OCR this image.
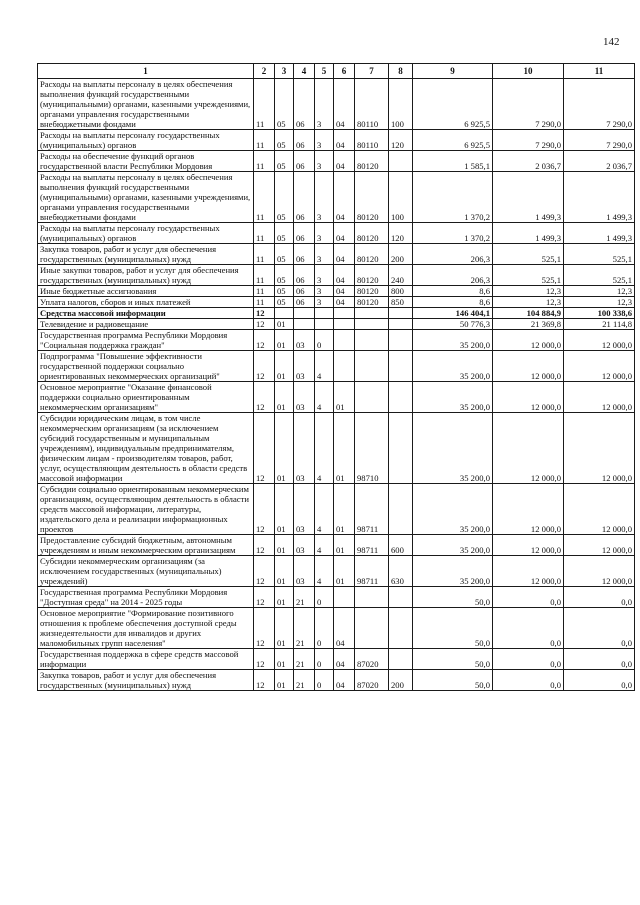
142
1	2	3	4	5	6	7	8	9	10	11
Расходы на выплаты персоналу в целях обеспечения выполнения функций государственными (муниципальными) органами, казенными учреждениями, органами управления государственными внебюджетными фондами	11	05	06	3	04	80110	100	6 925,5	7 290,0	7 290,0
Расходы на выплаты персоналу государственных (муниципальных) органов	11	05	06	3	04	80110	120	6 925,5	7 290,0	7 290,0
Расходы на обеспечение функций органов государственной власти Республики Мордовия	11	05	06	3	04	80120		1 585,1	2 036,7	2 036,7
Расходы на выплаты персоналу в целях обеспечения выполнения функций государственными (муниципальными) органами, казенными учреждениями, органами управления государственными внебюджетными фондами	11	05	06	3	04	80120	100	1 370,2	1 499,3	1 499,3
Расходы на выплаты персоналу государственных (муниципальных) органов	11	05	06	3	04	80120	120	1 370,2	1 499,3	1 499,3
Закупка товаров, работ и услуг для обеспечения государственных (муниципальных) нужд	11	05	06	3	04	80120	200	206,3	525,1	525,1
Иные закупки товаров, работ и услуг для обеспечения государственных (муниципальных) нужд	11	05	06	3	04	80120	240	206,3	525,1	525,1
Иные бюджетные ассигнования	11	05	06	3	04	80120	800	8,6	12,3	12,3
Уплата налогов, сборов и иных платежей	11	05	06	3	04	80120	850	8,6	12,3	12,3
Средства массовой информации	12							146 404,1	104 884,9	100 338,6
Телевидение и радиовещание	12	01						50 776,3	21 369,8	21 114,8
Государственная программа Республики Мордовия "Социальная поддержка граждан"	12	01	03	0				35 200,0	12 000,0	12 000,0
Подпрограмма "Повышение эффективности государственной поддержки социально ориентированных некоммерческих организаций"	12	01	03	4				35 200,0	12 000,0	12 000,0
Основное мероприятие "Оказание финансовой поддержки социально ориентированным некоммерческим организациям"	12	01	03	4	01			35 200,0	12 000,0	12 000,0
Субсидии юридическим лицам, в том числе некоммерческим организациям (за исключением субсидий государственным и муниципальным учреждениям), индивидуальным предпринимателям, физическим лицам - производителям товаров, работ, услуг, осуществляющим деятельность в области средств массовой информации	12	01	03	4	01	98710		35 200,0	12 000,0	12 000,0
Субсидии социально ориентированным некоммерческим организациям, осуществляющим деятельность в области средств массовой информации, литературы, издательского дела и реализации информационных проектов	12	01	03	4	01	98711		35 200,0	12 000,0	12 000,0
Предоставление субсидий бюджетным, автономным учреждениям и иным некоммерческим организациям	12	01	03	4	01	98711	600	35 200,0	12 000,0	12 000,0
Субсидии некоммерческим организациям (за исключением государственных (муниципальных) учреждений)	12	01	03	4	01	98711	630	35 200,0	12 000,0	12 000,0
Государственная программа Республики Мордовия "Доступная среда" на 2014 - 2025 годы	12	01	21	0				50,0	0,0	0,0
Основное мероприятие "Формирование позитивного отношения к проблеме обеспечения доступной среды жизнедеятельности для инвалидов и других маломобильных групп населения"	12	01	21	0	04			50,0	0,0	0,0
Государственная поддержка в сфере средств массовой информации	12	01	21	0	04	87020		50,0	0,0	0,0
Закупка товаров, работ и услуг для обеспечения государственных (муниципальных) нужд	12	01	21	0	04	87020	200	50,0	0,0	0,0
